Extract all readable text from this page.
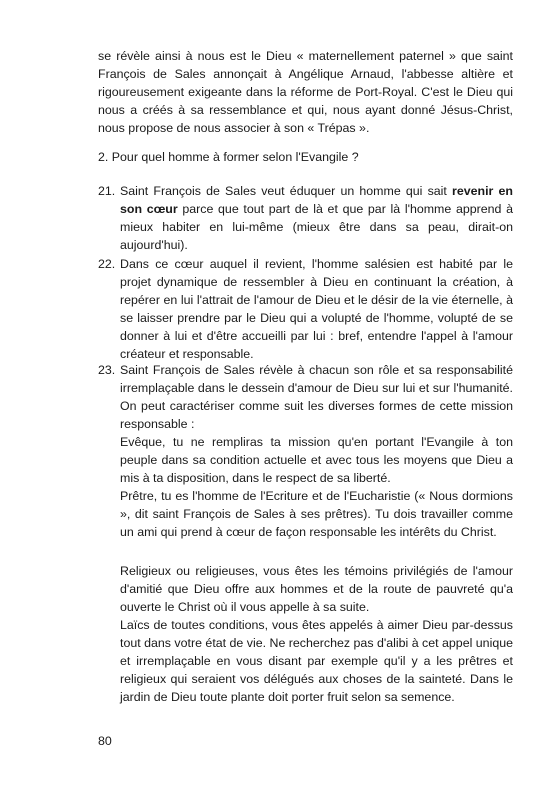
se révèle ainsi à nous est le Dieu « maternellement paternel » que saint François de Sales annonçait à Angélique Arnaud, l'abbesse altière et rigoureusement exigeante dans la réforme de Port-Royal. C'est le Dieu qui nous a créés à sa ressemblance et qui, nous ayant donné Jésus-Christ, nous propose de nous associer à son « Trépas ».

2. Pour quel homme à former selon l'Evangile ?

21. Saint François de Sales veut éduquer un homme qui sait revenir en son cœur parce que tout part de là et que par là l'homme apprend à mieux habiter en lui-même (mieux être dans sa peau, dirait-on aujourd'hui).

22. Dans ce cœur auquel il revient, l'homme salésien est habité par le projet dynamique de ressembler à Dieu en continuant la création, à repérer en lui l'attrait de l'amour de Dieu et le désir de la vie éternelle, à se laisser prendre par le Dieu qui a volupté de l'homme, volupté de se donner à lui et d'être accueilli par lui : bref, entendre l'appel à l'amour créateur et responsable.

23. Saint François de Sales révèle à chacun son rôle et sa responsabilité irremplaçable dans le dessein d'amour de Dieu sur lui et sur l'humanité. On peut caractériser comme suit les diverses formes de cette mission responsable :

Evêque, tu ne rempliras ta mission qu'en portant l'Evangile à ton peuple dans sa condition actuelle et avec tous les moyens que Dieu a mis à ta disposition, dans le respect de sa liberté.

Prêtre, tu es l'homme de l'Ecriture et de l'Eucharistie (« Nous dormions », dit saint François de Sales à ses prêtres). Tu dois travailler comme un ami qui prend à cœur de façon responsable les intérêts du Christ.

Religieux ou religieuses, vous êtes les témoins privilégiés de l'amour d'amitié que Dieu offre aux hommes et de la route de pauvreté qu'a ouverte le Christ où il vous appelle à sa suite.

Laïcs de toutes conditions, vous êtes appelés à aimer Dieu par-dessus tout dans votre état de vie. Ne recherchez pas d'alibi à cet appel unique et irremplaçable en vous disant par exemple qu'il y a les prêtres et religieux qui seraient vos délégués aux choses de la sainteté. Dans le jardin de Dieu toute plante doit porter fruit selon sa semence.

80
